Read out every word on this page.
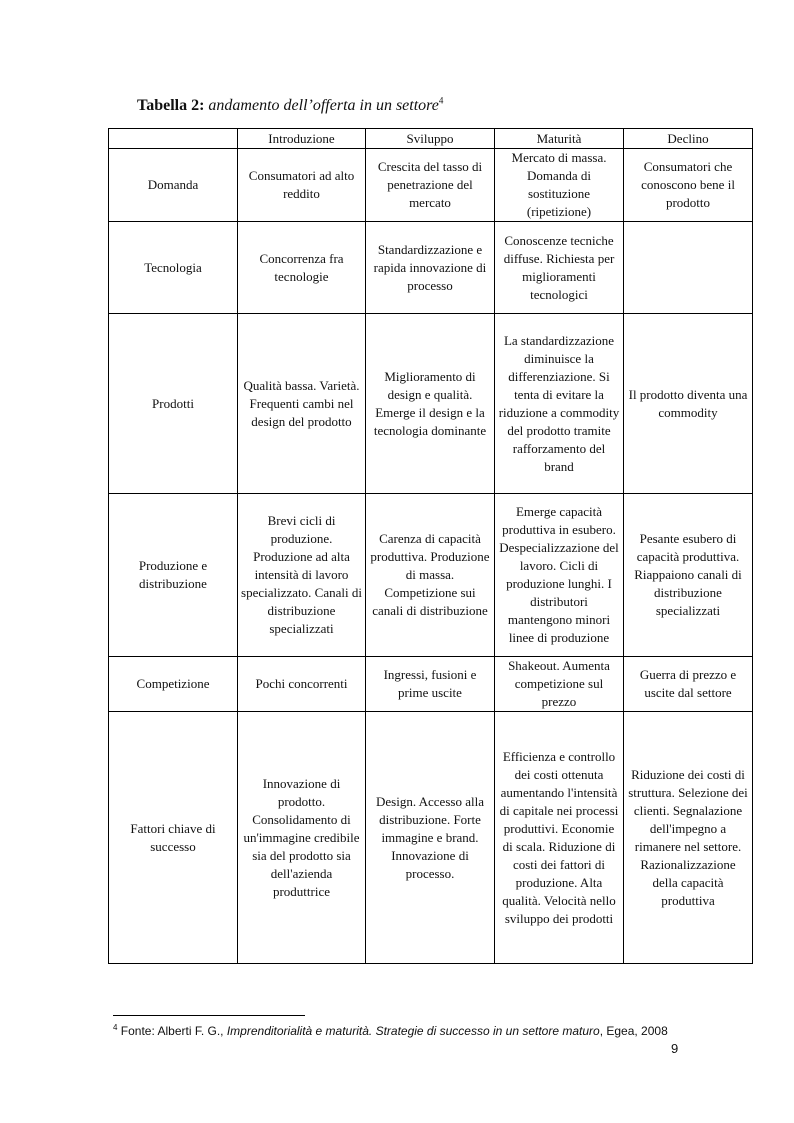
Tabella 2: andamento dell’offerta in un settore$^4$
	Introduzione	Sviluppo	Maturità	Declino
Domanda	Consumatori ad alto reddito	Crescita del tasso di penetrazione del mercato	Mercato di massa. Domanda di sostituzione (ripetizione)	Consumatori che conoscono bene il prodotto
Tecnologia	Concorrenza fra tecnologie	Standardizzazione e rapida innovazione di processo	Conoscenze tecniche diffuse. Richiesta per miglioramenti tecnologici	
Prodotti	Qualità bassa. Varietà. Frequenti cambi nel design del prodotto	Miglioramento di design e qualità. Emerge il design e la tecnologia dominante	La standardizzazione diminuisce la differenziazione. Si tenta di evitare la riduzione a commodity del prodotto tramite rafforzamento del brand	Il prodotto diventa una commodity
Produzione e distribuzione	Brevi cicli di produzione. Produzione ad alta intensità di lavoro specializzato. Canali di distribuzione specializzati	Carenza di capacità produttiva. Produzione di massa. Competizione sui canali di distribuzione	Emerge capacità produttiva in esubero. Despecializzazione del lavoro. Cicli di produzione lunghi. I distributori mantengono minori linee di produzione	Pesante esubero di capacità produttiva. Riappaiono canali di distribuzione specializzati
Competizione	Pochi concorrenti	Ingressi, fusioni e prime uscite	Shakeout. Aumenta competizione sul prezzo	Guerra di prezzo e uscite dal settore
Fattori chiave di successo	Innovazione di prodotto. Consolidamento di un'immagine credibile sia del prodotto sia dell'azienda produttrice	Design. Accesso alla distribuzione. Forte immagine e brand. Innovazione di processo.	Efficienza e controllo dei costi ottenuta aumentando l'intensità di capitale nei processi produttivi. Economie di scala. Riduzione di costi dei fattori di produzione. Alta qualità. Velocità nello sviluppo dei prodotti	Riduzione dei costi di struttura. Selezione dei clienti. Segnalazione dell'impegno a rimanere nel settore. Razionalizzazione della capacità produttiva
$^4$ Fonte: Alberti F. G., Imprenditorialità e maturità. Strategie di successo in un settore maturo, Egea, 2008
9
